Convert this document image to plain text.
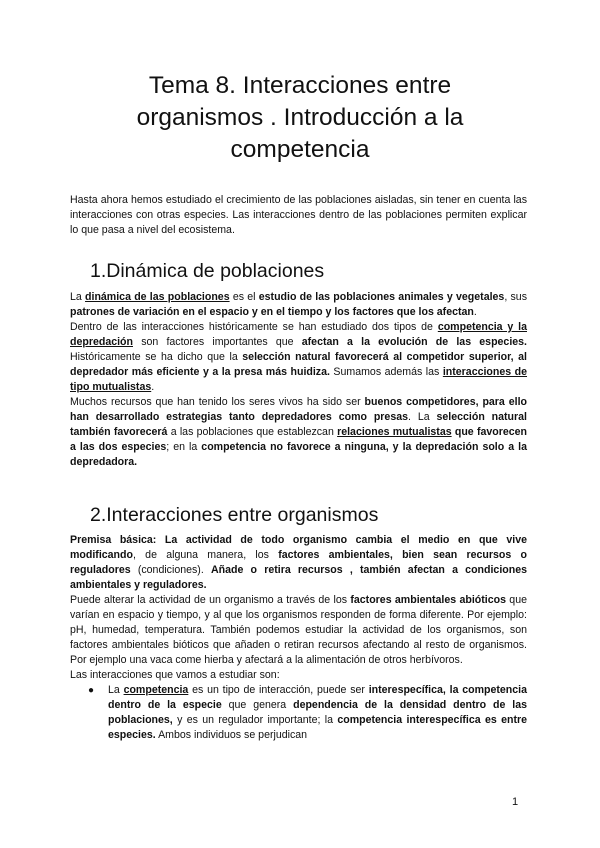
Tema 8. Interacciones entre
organismos . Introducción a la
competencia

Hasta ahora hemos estudiado el crecimiento de las poblaciones aisladas, sin tener en cuenta las interacciones con otras especies. Las interacciones dentro de las poblaciones permiten explicar lo que pasa a nivel del ecosistema.

1.Dinámica de poblaciones

La dinámica de las poblaciones es el estudio de las poblaciones animales y vegetales, sus patrones de variación en el espacio y en el tiempo y los factores que los afectan.

Dentro de las interacciones históricamente se han estudiado dos tipos de competencia y la depredación son factores importantes que afectan a la evolución de las especies. Históricamente se ha dicho que la selección natural favorecerá al competidor superior, al depredador más eficiente y a la presa más huidiza. Sumamos además las interacciones de tipo mutualistas.

Muchos recursos que han tenido los seres vivos ha sido ser buenos competidores, para ello han desarrollado estrategias tanto depredadores como presas. La selección natural también favorecerá a las poblaciones que establezcan relaciones mutualistas que favorecen a las dos especies; en la competencia no favorece a ninguna, y la depredación solo a la depredadora.

2.Interacciones entre organismos

Premisa básica: La actividad de todo organismo cambia el medio en que vive modificando, de alguna manera, los factores ambientales, bien sean recursos o reguladores (condiciones). Añade o retira recursos , también afectan a condiciones ambientales y reguladores.

Puede alterar la actividad de un organismo a través de los factores ambientales abióticos que varían en espacio y tiempo, y al que los organismos responden de forma diferente. Por ejemplo: pH, humedad, temperatura. También podemos estudiar la actividad de los organismos, son factores ambientales bióticos que añaden o retiran recursos afectando al resto de organismos. Por ejemplo una vaca come hierba y afectará a la alimentación de otros herbívoros.

Las interacciones que vamos a estudiar son:

● La competencia es un tipo de interacción, puede ser interespecífica, la competencia dentro de la especie que genera dependencia de la densidad dentro de las poblaciones, y es un regulador importante; la competencia interespecífica es entre especies. Ambos individuos se perjudican

1
